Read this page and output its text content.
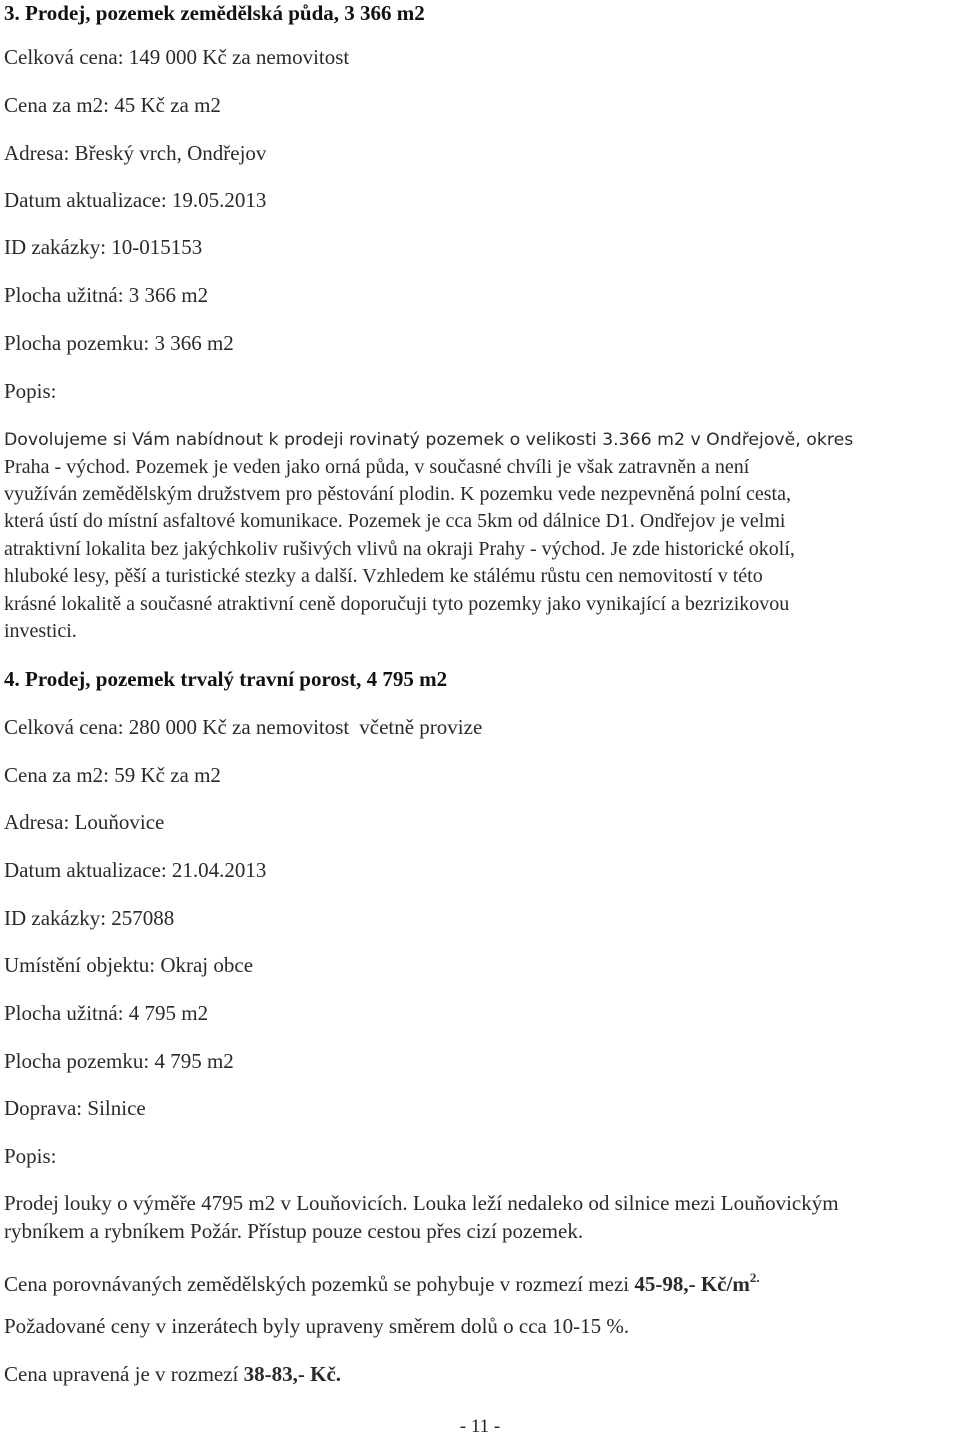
3. Prodej, pozemek zemědělská půda, 3 366 m2
Celková cena: 149 000 Kč za nemovitost
Cena za m2: 45 Kč za m2
Adresa: Břeský vrch, Ondřejov
Datum aktualizace: 19.05.2013
ID zakázky: 10-015153
Plocha užitná: 3 366 m2
Plocha pozemku: 3 366 m2
Popis:
Dovolujeme si Vám nabídnout k prodeji rovinatý pozemek o velikosti 3.366 m2 v Ondřejově, okres
Praha - východ. Pozemek je veden jako orná půda, v současné chvíli je však zatravněn a není
využíván zemědělským družstvem pro pěstování plodin. K pozemku vede nezpevněná polní cesta,
která ústí do místní asfaltové komunikace. Pozemek je cca 5km od dálnice D1. Ondřejov je velmi
atraktivní lokalita bez jakýchkoliv rušivých vlivů na okraji Prahy - východ. Je zde historické okolí,
hluboké lesy, pěší a turistické stezky a další. Vzhledem ke stálému růstu cen nemovitostí v této
krásné lokalitě a současné atraktivní ceně doporučuji tyto pozemky jako vynikající a bezrizikovou
investici.
4. Prodej, pozemek trvalý travní porost, 4 795 m2
Celková cena: 280 000 Kč za nemovitost včetně provize
Cena za m2: 59 Kč za m2
Adresa: Louňovice
Datum aktualizace: 21.04.2013
ID zakázky: 257088
Umístění objektu: Okraj obce
Plocha užitná: 4 795 m2
Plocha pozemku: 4 795 m2
Doprava: Silnice
Popis:
Prodej louky o výměře 4795 m2 v Louňovicích. Louka leží nedaleko od silnice mezi Louňovickým
rybníkem a rybníkem Požár. Přístup pouze cestou přes cizí pozemek.
Cena porovnávaných zemědělských pozemků se pohybuje v rozmezí mezi 45-98,- $Kč/m^{2.}$
Požadované ceny v inzerátech byly upraveny směrem dolů o cca 10-15 %.
Cena upravená je v rozmezí 38-83,- Kč.
- 11 -
